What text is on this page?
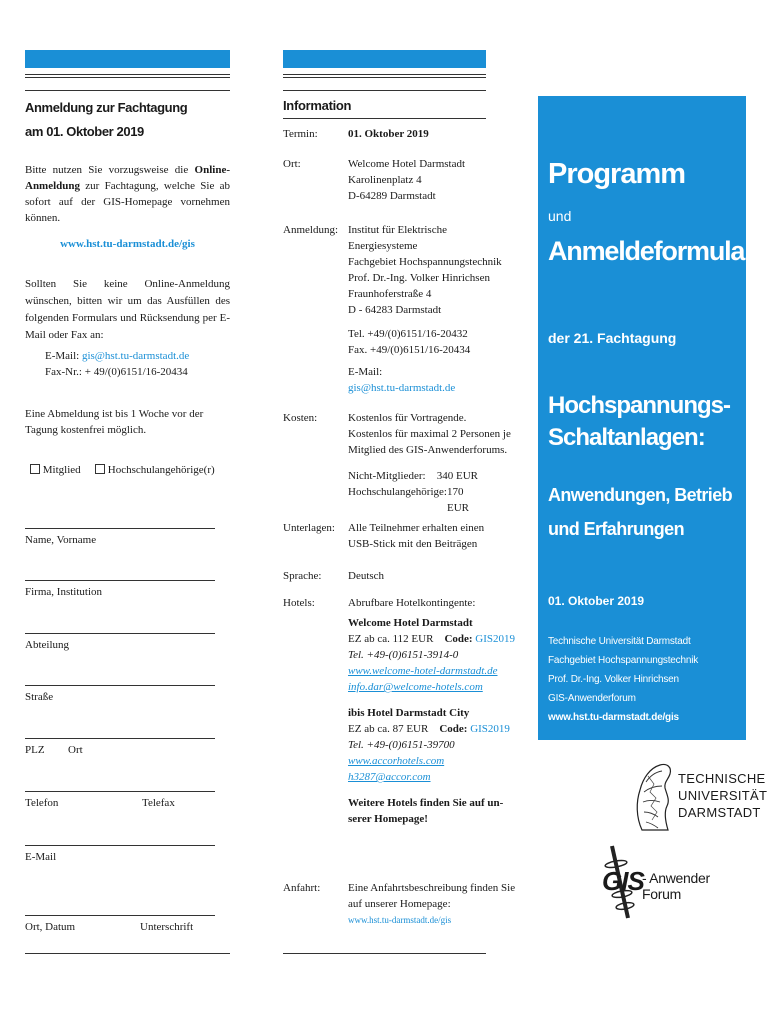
Anmeldung zur Fachtagung
am 01. Oktober 2019
Bitte nutzen Sie vorzugsweise die Online-Anmeldung zur Fachtagung, welche Sie ab sofort auf der GIS-Homepage vornehmen können.
www.hst.tu-darmstadt.de/gis
Sollten Sie keine Online-Anmeldung wünschen, bitten wir um das Ausfüllen des folgenden Formulars und Rücksendung per E-Mail oder Fax an:
E-Mail: gis@hst.tu-darmstadt.de
Fax-Nr.: + 49/(0)6151/16-20434
Eine Abmeldung ist bis 1 Woche vor der Tagung kostenfrei möglich.
Mitglied	Hochschulangehörige(r)
Name, Vorname
Firma, Institution
Abteilung
Straße
PLZ Ort
Telefon	Telefax
E-Mail
Ort, Datum	Unterschrift
Information
Termin:	01. Oktober 2019
Ort:	Welcome Hotel Darmstadt
Karolinenplatz 4
D-64289 Darmstadt
Anmeldung: Institut für Elektrische Energiesysteme
Fachgebiet Hochspannungstechnik
Prof. Dr.-Ing. Volker Hinrichsen
Fraunhoferstraße 4
D - 64283 Darmstadt
Tel. +49/(0)6151/16-20432
Fax. +49/(0)6151/16-20434
E-Mail:
gis@hst.tu-darmstadt.de
Kosten:	Kostenlos für Vortragende.
Kostenlos für maximal 2 Personen je
Mitglied des GIS-Anwenderforums.
Nicht-Mitglieder: 340 EUR
Hochschulangehörige: 170 EUR
Unterlagen: Alle Teilnehmer erhalten einen
USB-Stick mit den Beiträgen
Sprache: Deutsch
Hotels:	Abrufbare Hotelkontingente:
Welcome Hotel Darmstadt
EZ ab ca. 112 EUR Code: GIS2019
Tel. +49-(0)6151-3914-0
www.welcome-hotel-darmstadt.de
info.dar@welcome-hotels.com
ibis Hotel Darmstadt City
EZ ab ca. 87 EUR Code: GIS2019
Tel. +49-(0)6151-39700
www.accorhotels.com
h3287@accor.com
Weitere Hotels finden Sie auf un-
serer Homepage!
Anfahrt:	Eine Anfahrtsbeschreibung finden Sie
auf unserer Homepage:
www.hst.tu-darmstadt.de/gis
Programm
und
Anmeldeformular
der 21. Fachtagung
Hochspannungs-
Schaltanlagen:
Anwendungen, Betrieb
und Erfahrungen
01. Oktober 2019
Technische Universität Darmstadt
Fachgebiet Hochspannungstechnik
Prof. Dr.-Ing. Volker Hinrichsen
GIS-Anwenderforum
www.hst.tu-darmstadt.de/gis
TECHNISCHE
UNIVERSITÄT
DARMSTADT
GIS
- Anwender Forum
